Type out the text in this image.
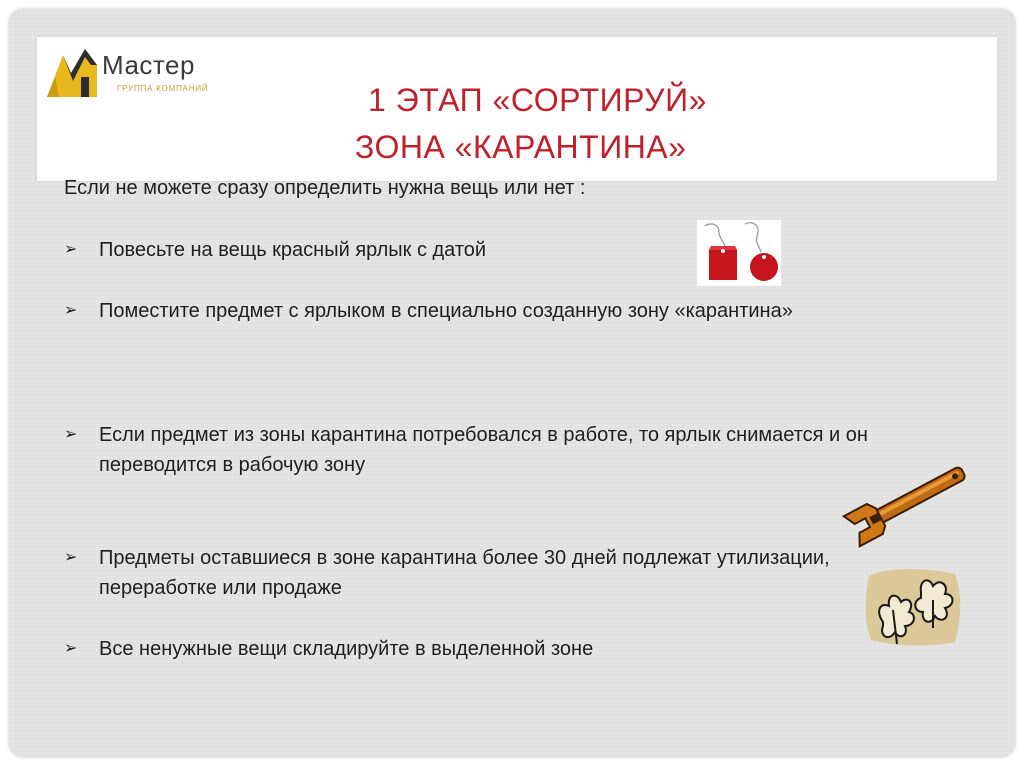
Мастер
ГРУППА КОМПАНИЙ	1 ЭТАП «СОРТИРУЙ»
ЗОНА «КАРАНТИНА»
Если не можете сразу определить нужна вещь или нет :
➢ Повесьте на вещь красный ярлык с датой
➢ Поместите предмет с ярлыком в специально созданную зону «карантина»
➢ Если предмет из зоны карантина потребовался в работе, то ярлык снимается и он переводится в рабочую зону
➢ Предметы оставшиеся в зоне карантина более 30 дней подлежат утилизации, переработке или продаже
➢ Все ненужные вещи складируйте в выделенной зоне
